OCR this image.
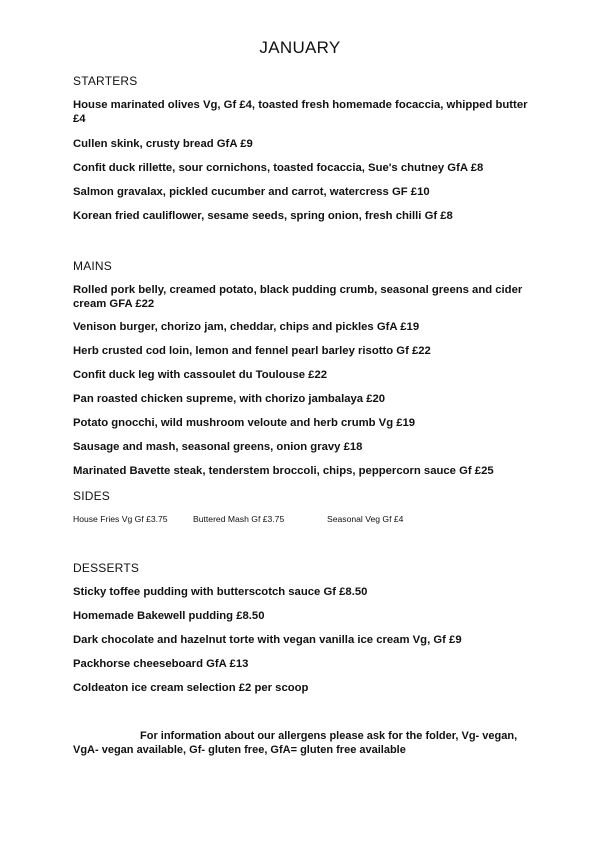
JANUARY
STARTERS
House marinated olives Vg, Gf £4, toasted fresh homemade focaccia, whipped butter £4
Cullen skink, crusty bread GfA £9
Confit duck rillette, sour cornichons, toasted focaccia, Sue's chutney GfA £8
Salmon gravalax, pickled cucumber and carrot, watercress GF £10
Korean fried cauliflower, sesame seeds, spring onion, fresh chilli Gf £8
MAINS
Rolled pork belly, creamed potato, black pudding crumb, seasonal greens and cider cream GFA £22
Venison burger, chorizo jam, cheddar, chips and pickles GfA £19
Herb crusted cod loin, lemon and fennel pearl barley risotto Gf £22
Confit duck leg with cassoulet du Toulouse £22
Pan roasted chicken supreme, with chorizo jambalaya £20
Potato gnocchi, wild mushroom veloute and herb crumb Vg £19
Sausage and mash, seasonal greens, onion gravy £18
Marinated Bavette steak, tenderstem broccoli, chips, peppercorn sauce Gf £25
SIDES
House Fries Vg Gf £3.75	Buttered Mash Gf £3.75	Seasonal Veg Gf £4
DESSERTS
Sticky toffee pudding with butterscotch sauce Gf £8.50
Homemade Bakewell pudding £8.50
Dark chocolate and hazelnut torte with vegan vanilla ice cream Vg, Gf £9
Packhorse cheeseboard GfA £13
Coldeaton ice cream selection £2 per scoop
For information about our allergens please ask for the folder, Vg- vegan,
VgA- vegan available, Gf- gluten free, GfA= gluten free available
